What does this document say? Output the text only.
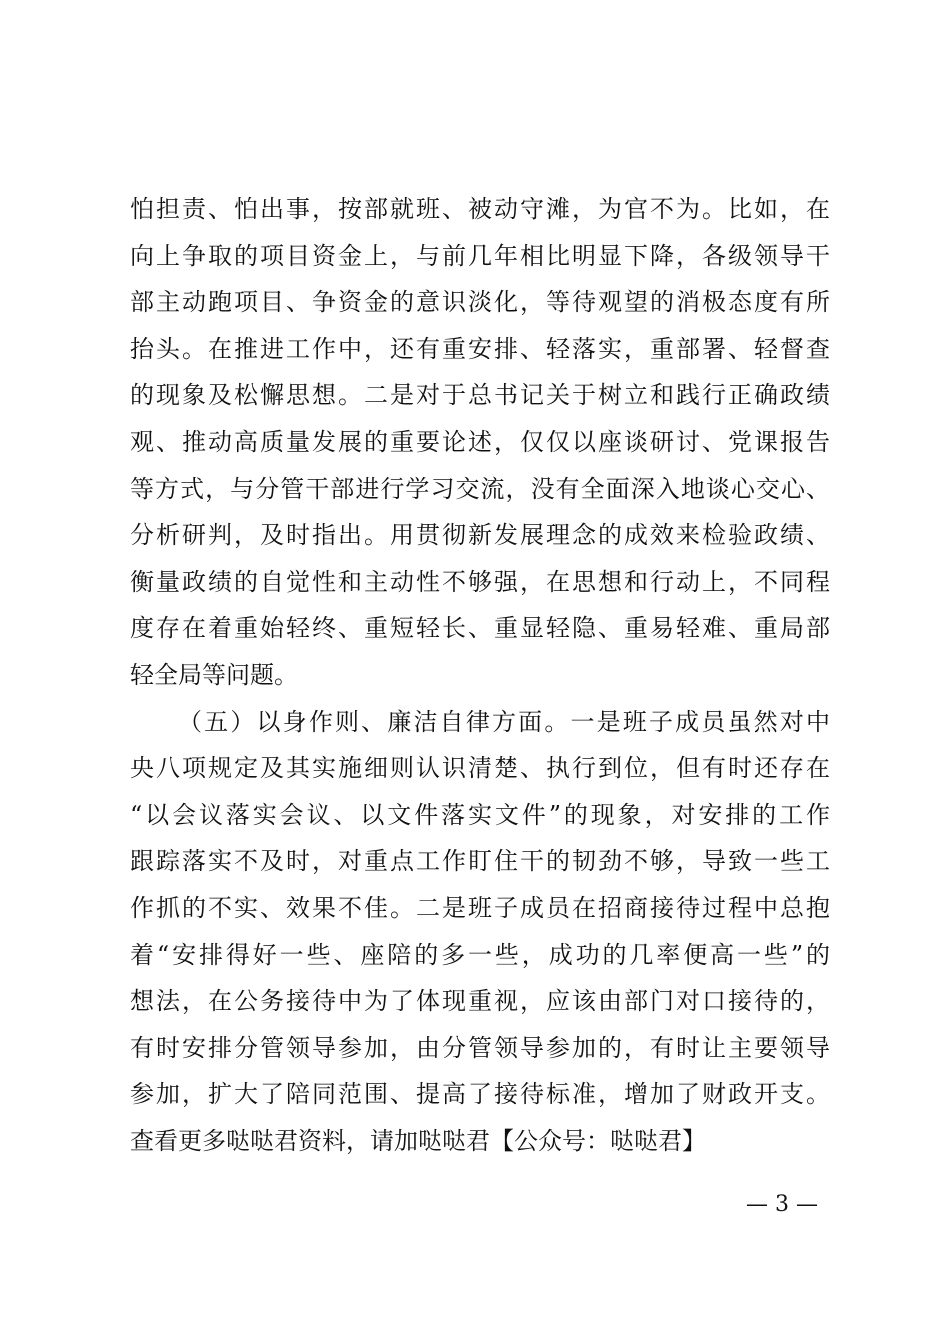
怕担责、怕出事，按部就班、被动守滩，为官不为。比如，在
向上争取的项目资金上，与前几年相比明显下降，各级领导干
部主动跑项目、争资金的意识淡化，等待观望的消极态度有所
抬头。在推进工作中，还有重安排、轻落实，重部署、轻督查
的现象及松懈思想。二是对于总书记关于树立和践行正确政绩
观、推动高质量发展的重要论述，仅仅以座谈研讨、党课报告
等方式，与分管干部进行学习交流，没有全面深入地谈心交心、
分析研判，及时指出。用贯彻新发展理念的成效来检验政绩、
衡量政绩的自觉性和主动性不够强，在思想和行动上，不同程
度存在着重始轻终、重短轻长、重显轻隐、重易轻难、重局部
轻全局等问题。
（五）以身作则、廉洁自律方面。一是班子成员虽然对中
央八项规定及其实施细则认识清楚、执行到位，但有时还存在
“以会议落实会议、以文件落实文件”的现象，对安排的工作
跟踪落实不及时，对重点工作盯住干的韧劲不够，导致一些工
作抓的不实、效果不佳。二是班子成员在招商接待过程中总抱
着“安排得好一些、座陪的多一些，成功的几率便高一些”的
想法，在公务接待中为了体现重视，应该由部门对口接待的，
有时安排分管领导参加，由分管领导参加的，有时让主要领导
参加，扩大了陪同范围、提高了接待标准，增加了财政开支。
查看更多哒哒君资料，请加哒哒君【公众号：哒哒君】
— 3 —
